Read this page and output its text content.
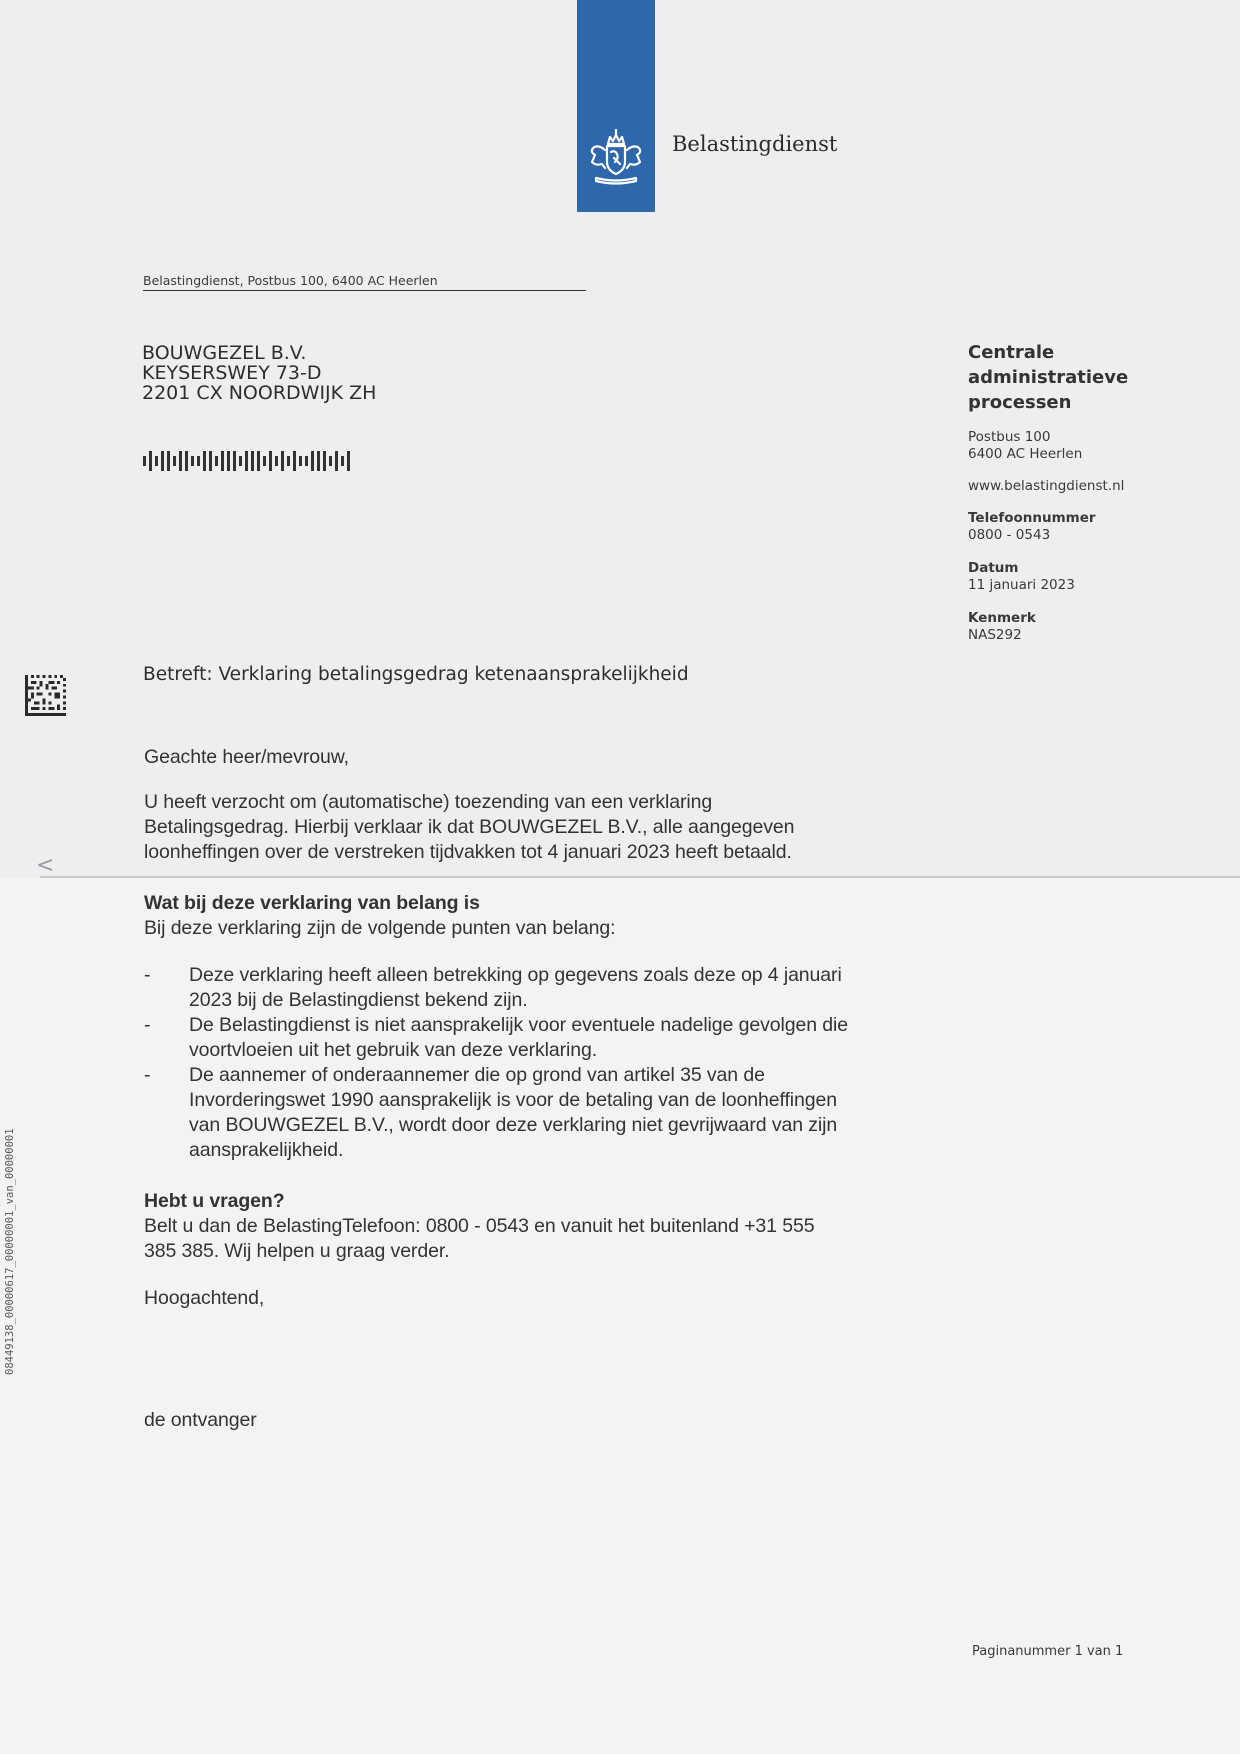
<
Belastingdienst
Belastingdienst, Postbus 100, 6400 AC Heerlen
BOUWGEZEL B.V.
KEYSERSWEY 73-D
2201 CX NOORDWIJK ZH
Centrale
administratieve
processen
Postbus 100
6400 AC Heerlen
www.belastingdienst.nl
Telefoonnummer
0800 - 0543
Datum
11 januari 2023
Kenmerk
NAS292
Betreft: Verklaring betalingsgedrag ketenaansprakelijkheid
Geachte heer/mevrouw,
U heeft verzocht om (automatische) toezending van een verklaring
Betalingsgedrag. Hierbij verklaar ik dat BOUWGEZEL B.V., alle aangegeven
loonheffingen over de verstreken tijdvakken tot 4 januari 2023 heeft betaald.
Wat bij deze verklaring van belang is
Bij deze verklaring zijn de volgende punten van belang:
-	Deze verklaring heeft alleen betrekking op gegevens zoals deze op 4 januari
2023 bij de Belastingdienst bekend zijn.
-	De Belastingdienst is niet aansprakelijk voor eventuele nadelige gevolgen die
voortvloeien uit het gebruik van deze verklaring.
-	De aannemer of onderaannemer die op grond van artikel 35 van de
Invorderingswet 1990 aansprakelijk is voor de betaling van de loonheffingen
van BOUWGEZEL B.V., wordt door deze verklaring niet gevrijwaard van zijn
aansprakelijkheid.
Hebt u vragen?
Belt u dan de BelastingTelefoon: 0800 - 0543 en vanuit het buitenland +31 555
385 385. Wij helpen u graag verder.
Hoogachtend,
de ontvanger
08449138_00000617_00000001_van_00000001
Paginanummer 1 van 1
